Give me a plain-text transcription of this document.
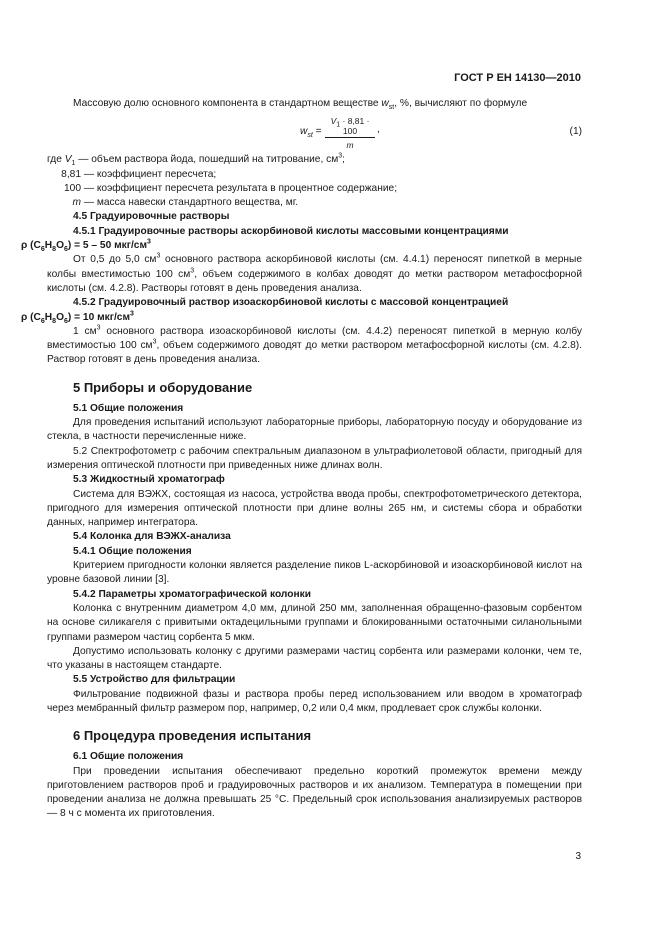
ГОСТ Р ЕН 14130—2010

Массовую долю основного компонента в стандартном веществе $w_{st}$, %, вычисляют по формуле

$w_{st} = \frac{V_1 \cdot 8,81 \cdot 100}{m}$ ,	(1)
где $V_1$ — объем раствора йода, пошедший на титрование, $см^3$;
8,81 — коэффициент пересчета;
100 — коэффициент пересчета результата в процентное содержание;
m — масса навески стандартного вещества, мг.
4.5 Градуировочные растворы
4.5.1 Градуировочные растворы аскорбиновой кислоты массовыми концентрациями
ρ $(С_6Н_8О_6) = 5 - 50$ мкг/$см^3$

От 0,5 до 5,0 $см^3$ основного раствора аскорбиновой кислоты (см. 4.4.1) переносят пипеткой в мерные колбы вместимостью 100 $см^3$, объем содержимого в колбах доводят до метки раствором метафосфорной кислоты (см. 4.2.8). Растворы готовят в день проведения анализа.

4.5.2 Градуировочный раствор изоаскорбиновой кислоты с массовой концентрацией
ρ $(С_6Н_8О_6) = 10$ мкг/$см^3$

1 $см^3$ основного раствора изоаскорбиновой кислоты (см. 4.4.2) переносят пипеткой в мерную колбу вместимостью 100 $см^3$, объем содержимого доводят до метки раствором метафосфорной кислоты (см. 4.2.8). Раствор готовят в день проведения анализа.

5 Приборы и оборудование
5.1 Общие положения

Для проведения испытаний используют лабораторные приборы, лабораторную посуду и оборудование из стекла, в частности перечисленные ниже.

5.2 Спектрофотометр с рабочим спектральным диапазоном в ультрафиолетовой области, пригодный для измерения оптической плотности при приведенных ниже длинах волн.

5.3 Жидкостный хроматограф

Система для ВЭЖХ, состоящая из насоса, устройства ввода пробы, спектрофотометрического детектора, пригодного для измерения оптической плотности при длине волны 265 нм, и системы сбора и обработки данных, например интегратора.

5.4 Колонка для ВЭЖХ-анализа
5.4.1 Общие положения

Критерием пригодности колонки является разделение пиков L-аскорбиновой и изоаскорбиновой кислот на уровне базовой линии [3].

5.4.2 Параметры хроматографической колонки

Колонка с внутренним диаметром 4,0 мм, длиной 250 мм, заполненная обращенно-фазовым сорбентом на основе силикагеля с привитыми октадецильными группами и блокированными остаточными силанольными группами размером частиц сорбента 5 мкм.

Допустимо использовать колонку с другими размерами частиц сорбента или размерами колонки, чем те, что указаны в настоящем стандарте.

5.5 Устройство для фильтрации

Фильтрование подвижной фазы и раствора пробы перед использованием или вводом в хроматограф через мембранный фильтр размером пор, например, 0,2 или 0,4 мкм, продлевает срок службы колонки.

6 Процедура проведения испытания
6.1 Общие положения

При проведении испытания обеспечивают предельно короткий промежуток времени между приготовлением растворов проб и градуировочных растворов и их анализом. Температура в помещении при проведении анализа не должна превышать 25 °С. Предельный срок использования анализируемых растворов — 8 ч с момента их приготовления.

3
